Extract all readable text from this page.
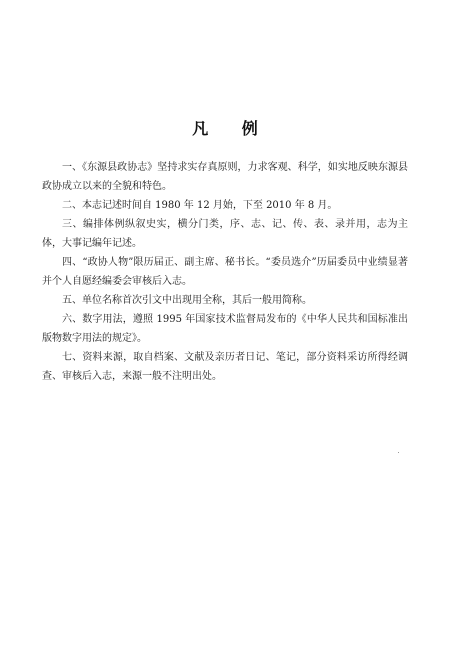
凡 例

一、《东源县政协志》坚持求实存真原则，力求客观、科学，如实地反映东源县政协成立以来的全貌和特色。

二、本志记述时间自 1980 年 12 月始，下至 2010 年 8 月。

三、编排体例纵叙史实，横分门类，序、志、记、传、表、录并用，志为主体，大事记编年记述。

四、“政协人物”限历届正、副主席、秘书长。“委员选介”历届委员中业绩显著并个人自愿经编委会审核后入志。

五、单位名称首次引文中出现用全称，其后一般用简称。

六、数字用法，遵照 1995 年国家技术监督局发布的《中华人民共和国标准出版物数字用法的规定》。

七、资料来源，取自档案、文献及亲历者日记、笔记，部分资料采访所得经调查、审核后入志，来源一般不注明出处。
